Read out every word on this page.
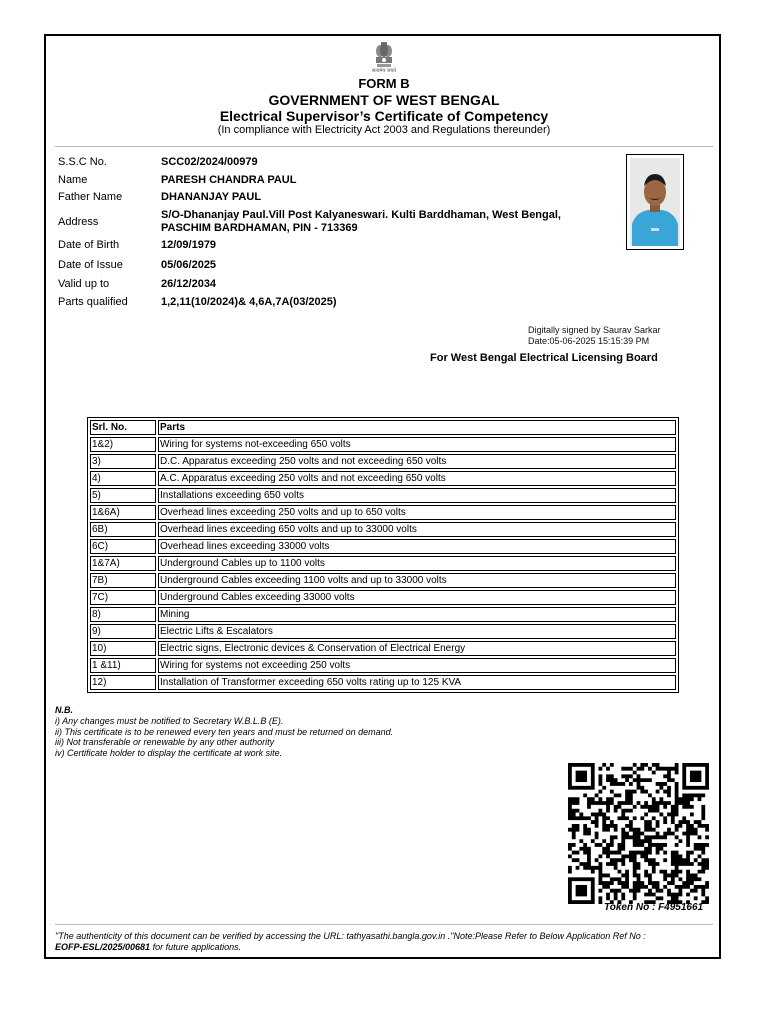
सत्यमेव जयते
FORM B
GOVERNMENT OF WEST BENGAL
Electrical Supervisor’s Certificate of Competency
(In compliance with Electricity Act 2003 and Regulations thereunder)
S.S.C No.	SCC02/2024/00979
Name	PARESH CHANDRA PAUL
Father Name	DHANANJAY PAUL
Address
S/O-Dhananjay Paul.Vill Post Kalyaneswari. Kulti Barddhaman, West Bengal,
PASCHIM BARDHAMAN, PIN - 713369
Date of Birth	12/09/1979
Date of Issue	05/06/2025
Valid up to	26/12/2034
Parts qualified	1,2,11(10/2024)& 4,6A,7A(03/2025)
Digitally signed by Saurav Sarkar
Date:05-06-2025 15:15:39 PM
For West Bengal Electrical Licensing Board
Srl. No.	Parts
1&2)	Wiring for systems not-exceeding 650 volts
3)	D.C. Apparatus exceeding 250 volts and not exceeding 650 volts
4)	A.C. Apparatus exceeding 250 volts and not exceeding 650 volts
5)	Installations exceeding 650 volts
1&6A)	Overhead lines exceeding 250 volts and up to 650 volts
6B)	Overhead lines exceeding 650 volts and up to 33000 volts
6C)	Overhead lines exceeding 33000 volts
1&7A)	Underground Cables up to 1100 volts
7B)	Underground Cables exceeding 1100 volts and up to 33000 volts
7C)	Underground Cables exceeding 33000 volts
8)	Mining
9)	Electric Lifts & Escalators
10)	Electric signs, Electronic devices & Conservation of Electrical Energy
1 &11)	Wiring for systems not exceeding 250 volts
12)	Installation of Transformer exceeding 650 volts rating up to 125 KVA
N.B.
i) Any changes must be notified to Secretary W.B.L.B (E).
ii) This certificate is to be renewed every ten years and must be returned on demand.
iii) Not transferable or renewable by any other authority
iv) Certificate holder to display the certificate at work site.
Token No : F4951661
"The authenticity of this document can be verified by accessing the URL: tathyasathi.bangla.gov.in ."Note:Please Refer to Below Application Ref No :
EOFP-ESL/2025/00681 for future applications.
